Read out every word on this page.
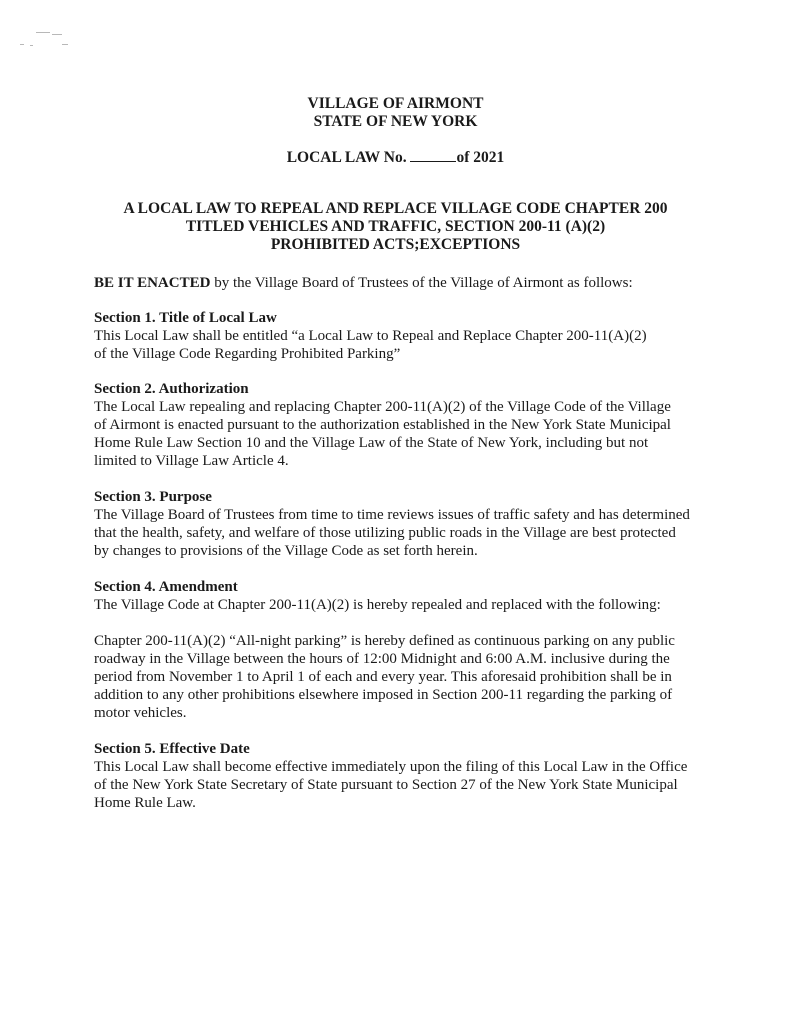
VILLAGE OF AIRMONT
STATE OF NEW YORK
LOCAL LAW No.	of 2021
A LOCAL LAW TO REPEAL AND REPLACE VILLAGE CODE CHAPTER 200
TITLED VEHICLES AND TRAFFIC, SECTION 200-11 (A)(2)
PROHIBITED ACTS;EXCEPTIONS
BE IT ENACTED by the Village Board of Trustees of the Village of Airmont as follows:
Section 1. Title of Local Law
This Local Law shall be entitled “a Local Law to Repeal and Replace Chapter 200-11(A)(2)
of the Village Code Regarding Prohibited Parking”
Section 2. Authorization
The Local Law repealing and replacing Chapter 200-11(A)(2) of the Village Code of the Village
of Airmont is enacted pursuant to the authorization established in the New York State Municipal
Home Rule Law Section 10 and the Village Law of the State of New York, including but not
limited to Village Law Article 4.
Section 3. Purpose
The Village Board of Trustees from time to time reviews issues of traffic safety and has determined
that the health, safety, and welfare of those utilizing public roads in the Village are best protected
by changes to provisions of the Village Code as set forth herein.
Section 4. Amendment
The Village Code at Chapter 200-11(A)(2) is hereby repealed and replaced with the following:
Chapter 200-11(A)(2) “All-night parking” is hereby defined as continuous parking on any public
roadway in the Village between the hours of 12:00 Midnight and 6:00 A.M. inclusive during the
period from November 1 to April 1 of each and every year. This aforesaid prohibition shall be in
addition to any other prohibitions elsewhere imposed in Section 200-11 regarding the parking of
motor vehicles.
Section 5. Effective Date
This Local Law shall become effective immediately upon the filing of this Local Law in the Office
of the New York State Secretary of State pursuant to Section 27 of the New York State Municipal
Home Rule Law.
